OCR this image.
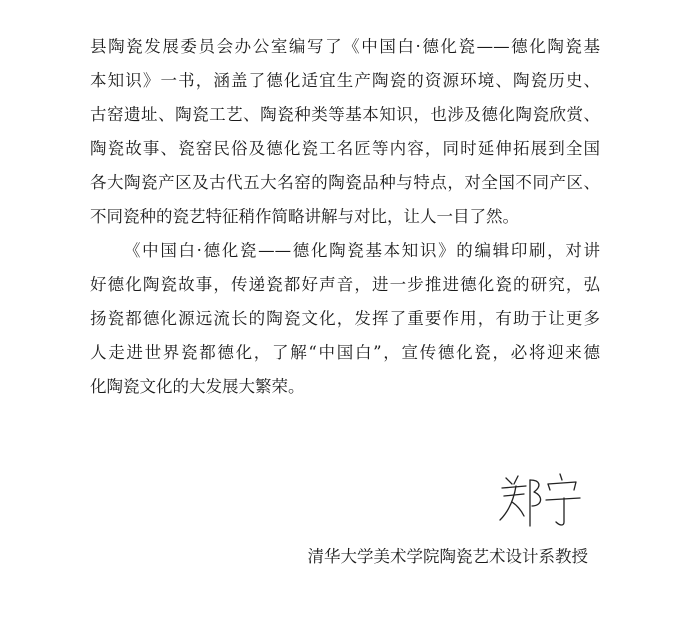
县陶瓷发展委员会办公室编写了《中国白·德化瓷——德化陶瓷基
本知识》一书，涵盖了德化适宜生产陶瓷的资源环境、陶瓷历史、
古窑遗址、陶瓷工艺、陶瓷种类等基本知识，也涉及德化陶瓷欣赏、
陶瓷故事、瓷窑民俗及德化瓷工名匠等内容，同时延伸拓展到全国
各大陶瓷产区及古代五大名窑的陶瓷品种与特点，对全国不同产区、
不同瓷种的瓷艺特征稍作简略讲解与对比，让人一目了然。
《中国白·德化瓷——德化陶瓷基本知识》的编辑印刷，对讲
好德化陶瓷故事，传递瓷都好声音，进一步推进德化瓷的研究，弘
扬瓷都德化源远流长的陶瓷文化，发挥了重要作用，有助于让更多
人走进世界瓷都德化，了解“中国白”，宣传德化瓷，必将迎来德
化陶瓷文化的大发展大繁荣。
清华大学美术学院陶瓷艺术设计系教授
